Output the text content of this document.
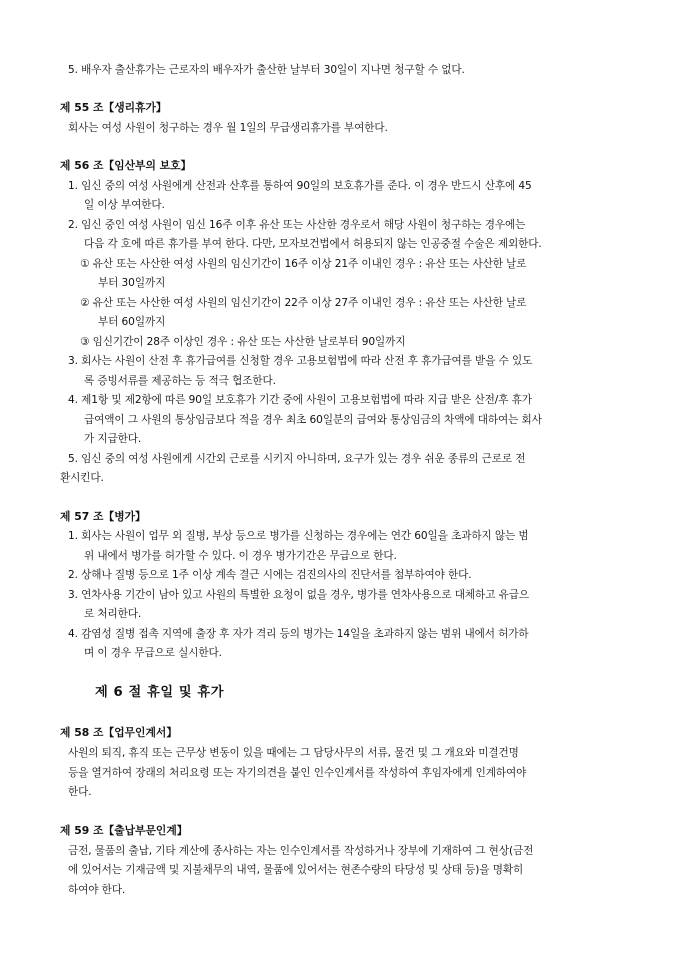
5. 배우자 출산휴가는 근로자의 배우자가 출산한 날부터 30일이 지나면 청구할 수 없다.
제 55 조【생리휴가】
회사는 여성 사원이 청구하는 경우 월 1일의 무급생리휴가를 부여한다.
제 56 조【임산부의 보호】
1. 임신 중의 여성 사원에게 산전과 산후를 통하여 90일의 보호휴가를 준다. 이 경우 반드시 산후에 45
일 이상 부여한다.
2. 임신 중인 여성 사원이 임신 16주 이후 유산 또는 사산한 경우로서 해당 사원이 청구하는 경우에는
다음 각 호에 따른 휴가를 부여 한다. 다만, 모자보건법에서 허용되지 않는 인공중절 수술은 제외한다.
① 유산 또는 사산한 여성 사원의 임신기간이 16주 이상 21주 이내인 경우 : 유산 또는 사산한 날로
부터 30일까지
② 유산 또는 사산한 여성 사원의 임신기간이 22주 이상 27주 이내인 경우 : 유산 또는 사산한 날로
부터 60일까지
③ 임신기간이 28주 이상인 경우 : 유산 또는 사산한 날로부터 90일까지
3. 회사는 사원이 산전 후 휴가급여를 신청할 경우 고용보험법에 따라 산전 후 휴가급여를 받을 수 있도
록 증빙서류를 제공하는 등 적극 협조한다.
4. 제1항 및 제2항에 따른 90일 보호휴가 기간 중에 사원이 고용보험법에 따라 지급 받은 산전/후 휴가
급여액이 그 사원의 통상임금보다 적을 경우 최초 60일분의 급여와 통상임금의 차액에 대하여는 회사
가 지급한다.
5. 임신 중의 여성 사원에게 시간외 근로를 시키지 아니하며, 요구가 있는 경우 쉬운 종류의 근로로 전
환시킨다.
제 57 조【병가】
1. 회사는 사원이 업무 외 질병, 부상 등으로 병가를 신청하는 경우에는 연간 60일을 초과하지 않는 범
위 내에서 병가를 허가할 수 있다. 이 경우 병가기간은 무급으로 한다.
2. 상해나 질병 등으로 1주 이상 계속 결근 시에는 검진의사의 진단서를 첨부하여야 한다.
3. 연차사용 기간이 남아 있고 사원의 특별한 요청이 없을 경우, 병가를 연차사용으로 대체하고 유급으
로 처리한다.
4. 감염성 질병 접촉 지역에 출장 후 자가 격리 등의 병가는 14일을 초과하지 않는 범위 내에서 허가하
며 이 경우 무급으로 실시한다.
제 6 절 휴일 및 휴가
제 58 조【업무인계서】
사원의 퇴직, 휴직 또는 근무상 변동이 있을 때에는 그 담당사무의 서류, 물건 및 그 개요와 미결건명
등을 열거하여 장래의 처리요령 또는 자기의견을 붙인 인수인계서를 작성하여 후임자에게 인계하여야
한다.
제 59 조【출납부문인계】
금전, 물품의 출납, 기타 계산에 종사하는 자는 인수인계서를 작성하거나 장부에 기재하여 그 현상(금전
에 있어서는 기재금액 및 지불채무의 내역, 물품에 있어서는 현존수량의 타당성 및 상태 등)을 명확히
하여야 한다.
